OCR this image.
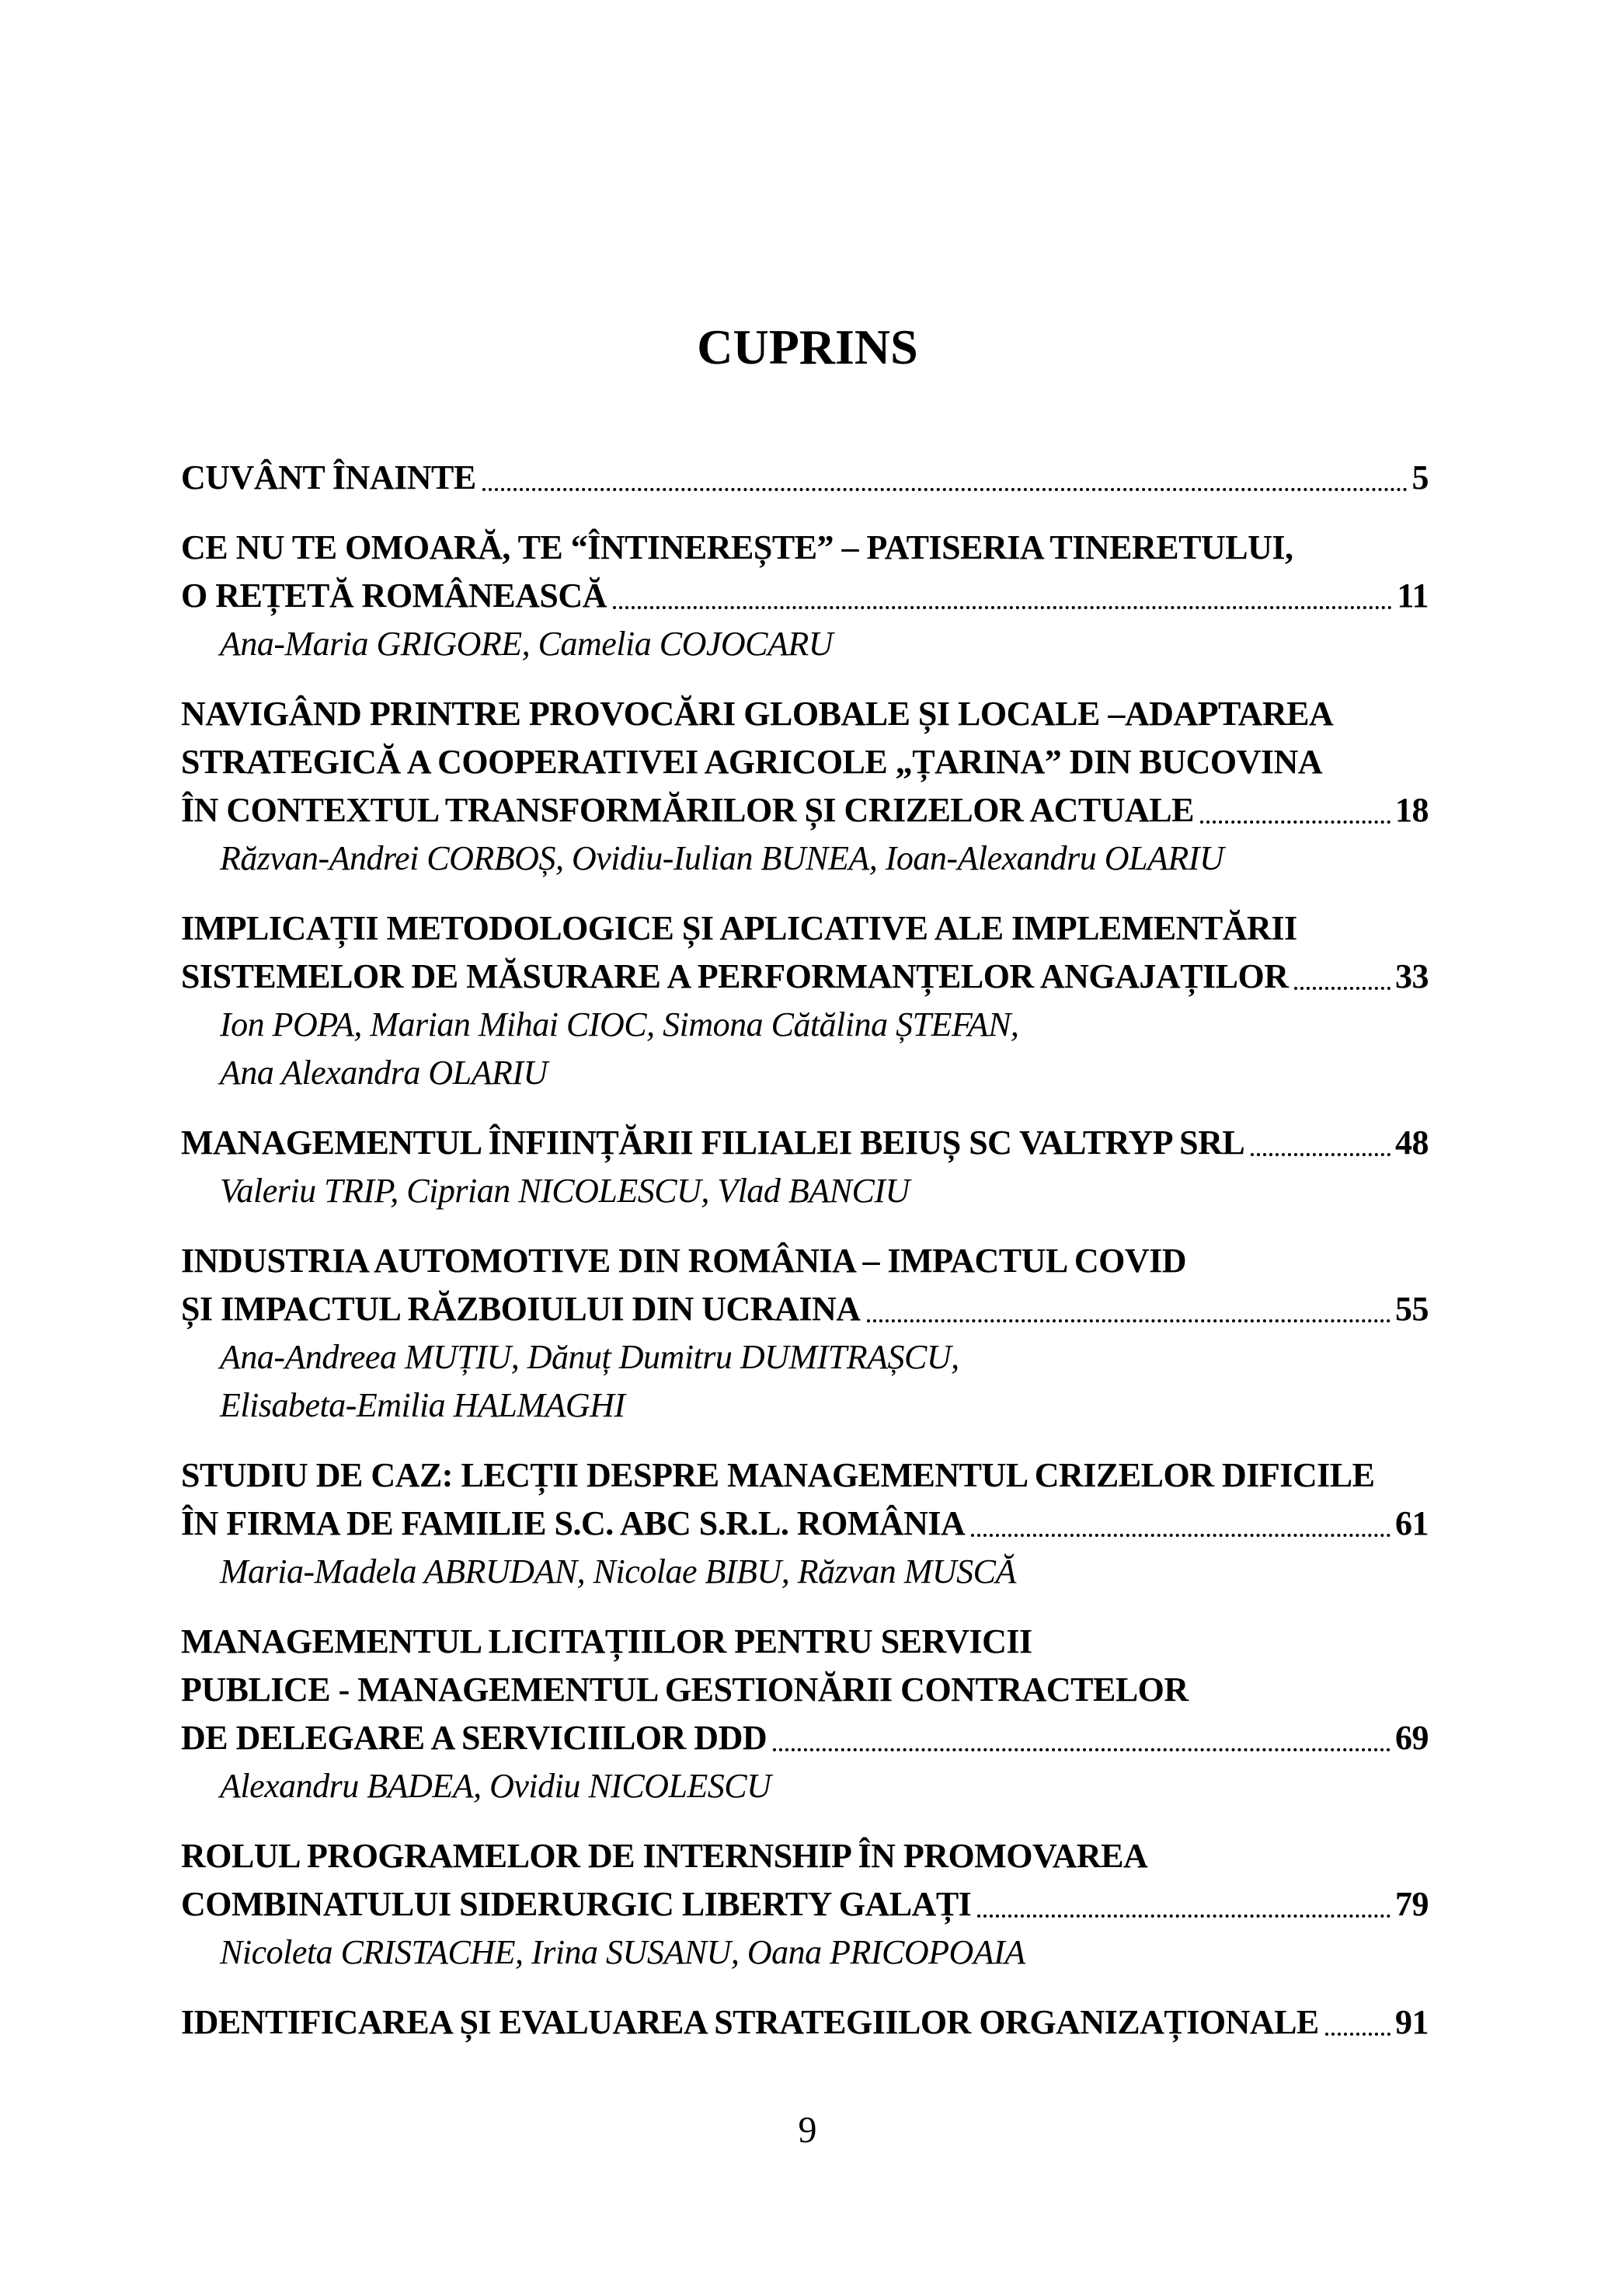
CUPRINS
CUVÂNT ÎNAINTE	5
CE NU TE OMOARĂ, TE “ÎNTINEREȘTE” – PATISERIA TINERETULUI,
O REȚETĂ ROMÂNEASCĂ	11
Ana-Maria GRIGORE, Camelia COJOCARU
NAVIGÂND PRINTRE PROVOCĂRI GLOBALE ȘI LOCALE –ADAPTAREA
STRATEGICĂ A COOPERATIVEI AGRICOLE „ȚARINA” DIN BUCOVINA
ÎN CONTEXTUL TRANSFORMĂRILOR ȘI CRIZELOR ACTUALE	18
Răzvan-Andrei CORBOȘ, Ovidiu-Iulian BUNEA, Ioan-Alexandru OLARIU
IMPLICAȚII METODOLOGICE ȘI APLICATIVE ALE IMPLEMENTĂRII
SISTEMELOR DE MĂSURARE A PERFORMANȚELOR ANGAJAȚILOR	33
Ion POPA, Marian Mihai CIOC, Simona Cătălina ȘTEFAN,
Ana Alexandra OLARIU
MANAGEMENTUL ÎNFIINȚĂRII FILIALEI BEIUȘ SC VALTRYP SRL	48
Valeriu TRIP, Ciprian NICOLESCU, Vlad BANCIU
INDUSTRIA AUTOMOTIVE DIN ROMÂNIA – IMPACTUL COVID
ȘI IMPACTUL RĂZBOIULUI DIN UCRAINA	55
Ana-Andreea MUȚIU, Dănuț Dumitru DUMITRAȘCU,
Elisabeta-Emilia HALMAGHI
STUDIU DE CAZ: LECȚII DESPRE MANAGEMENTUL CRIZELOR DIFICILE
ÎN FIRMA DE FAMILIE S.C. ABC S.R.L. ROMÂNIA	61
Maria-Madela ABRUDAN, Nicolae BIBU, Răzvan MUSCĂ
MANAGEMENTUL LICITAȚIILOR PENTRU SERVICII
PUBLICE - MANAGEMENTUL GESTIONĂRII CONTRACTELOR
DE DELEGARE A SERVICIILOR DDD	69
Alexandru BADEA, Ovidiu NICOLESCU
ROLUL PROGRAMELOR DE INTERNSHIP ÎN PROMOVAREA
COMBINATULUI SIDERURGIC LIBERTY GALAȚI	79
Nicoleta CRISTACHE, Irina SUSANU, Oana PRICOPOAIA
IDENTIFICAREA ȘI EVALUAREA STRATEGIILOR ORGANIZAȚIONALE 91
9
